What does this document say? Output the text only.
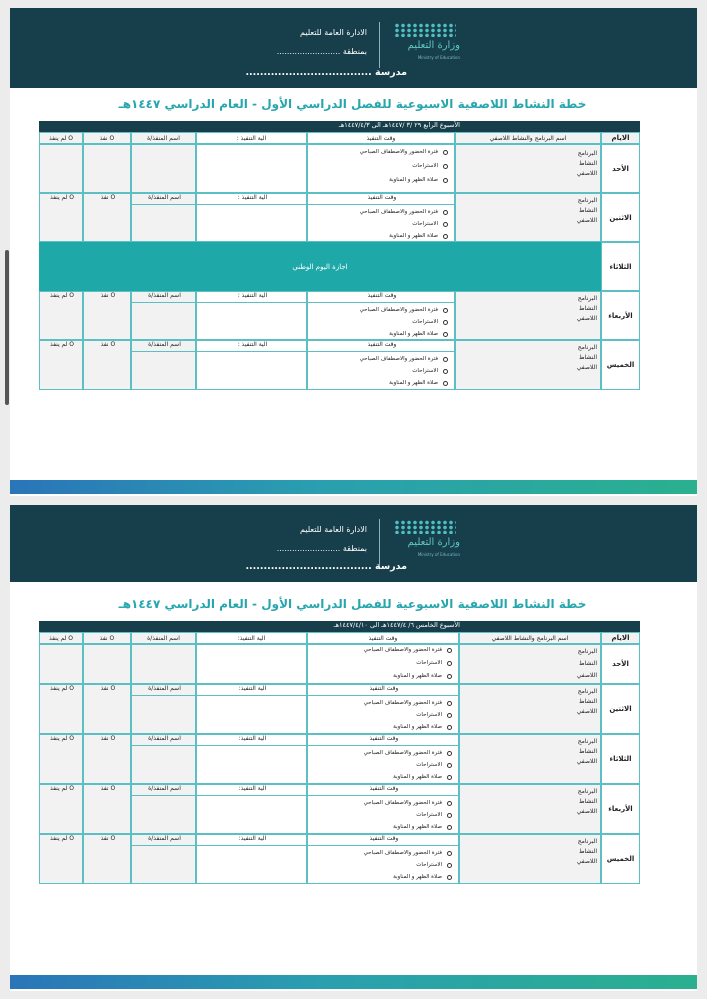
وزارة التعليم
Ministry of Education
الادارة العامة للتعليم
بمنطقة .........................
مدرسة ...................................
خطة النشاط اللاصفية الاسبوعية للفصل الدراسي الأول - العام الدراسي ١٤٤٧هـ
الأسبوع الرابع ٢٩ /٣ /١٤٤٧هـ الى ١٤٤٧/٤/٣هـ
الايام
اسم البرنامج والنشاط اللاصفي
وقت التنفيذ
الية التنفيذ :
اسم المنفذ/ة
O نفذ
O لم ينفذ
الأحد
البرنامج النشاط اللاصفي
فترة الحضور والاصطفاف الصباحي
الاستراحات
صلاة الظهر و المناوبة
الاثنين
البرنامج النشاط اللاصفي
وقت التنفيذ
فترة الحضور والاصطفاف الصباحي
الاستراحات
صلاة الظهر و المناوبة
الية التنفيذ :
اسم المنفذ/ة
O نفذ
O لم ينفذ
الثلاثاء
اجازة اليوم الوطني
الأربعاء
البرنامج النشاط اللاصفي
وقت التنفيذ
فترة الحضور والاصطفاف الصباحي
الاستراحات
صلاة الظهر و المناوبة
الية التنفيذ :
اسم المنفذ/ة
O نفذ
O لم ينفذ
الخميس
البرنامج النشاط اللاصفي
وقت التنفيذ
فترة الحضور والاصطفاف الصباحي
الاستراحات
صلاة الظهر و المناوبة
الية التنفيذ :
اسم المنفذ/ة
O نفذ
O لم ينفذ
وزارة التعليم
Ministry of Education
الادارة العامة للتعليم
بمنطقة .........................
مدرسة ...................................
خطة النشاط اللاصفية الاسبوعية للفصل الدراسي الأول - العام الدراسي ١٤٤٧هـ
الأسبوع الخامس ٦/ ١٤٤٧/٤هـ الى ١٤٤٧/٤/١٠هـ
الايام
اسم البرنامج والنشاط اللاصفي
وقت التنفيذ
الية التنفيذ:
اسم المنفذ/ة
O نفذ
O لم ينفذ
الأحد
البرنامج النشاط اللاصفي
فترة الحضور والاصطفاف الصباحي
الاستراحات
صلاة الظهر و المناوبة
الاثنين
البرنامج النشاط اللاصفي
وقت التنفيذ
فترة الحضور والاصطفاف الصباحي
الاستراحات
صلاة الظهر و المناوبة
الية التنفيذ:
اسم المنفذ/ة
O نفذ
O لم ينفذ
الثلاثاء
البرنامج النشاط اللاصفي
وقت التنفيذ
فترة الحضور والاصطفاف الصباحي
الاستراحات
صلاة الظهر و المناوبة
الية التنفيذ:
اسم المنفذ/ة
O نفذ
O لم ينفذ
الأربعاء
البرنامج النشاط اللاصفي
وقت التنفيذ
فترة الحضور والاصطفاف الصباحي
الاستراحات
صلاة الظهر و المناوبة
الية التنفيذ:
اسم المنفذ/ة
O نفذ
O لم ينفذ
الخميس
البرنامج النشاط اللاصفي
وقت التنفيذ
فترة الحضور والاصطفاف الصباحي
الاستراحات
صلاة الظهر و المناوبة
الية التنفيذ:
اسم المنفذ/ة
O نفذ
O لم ينفذ
